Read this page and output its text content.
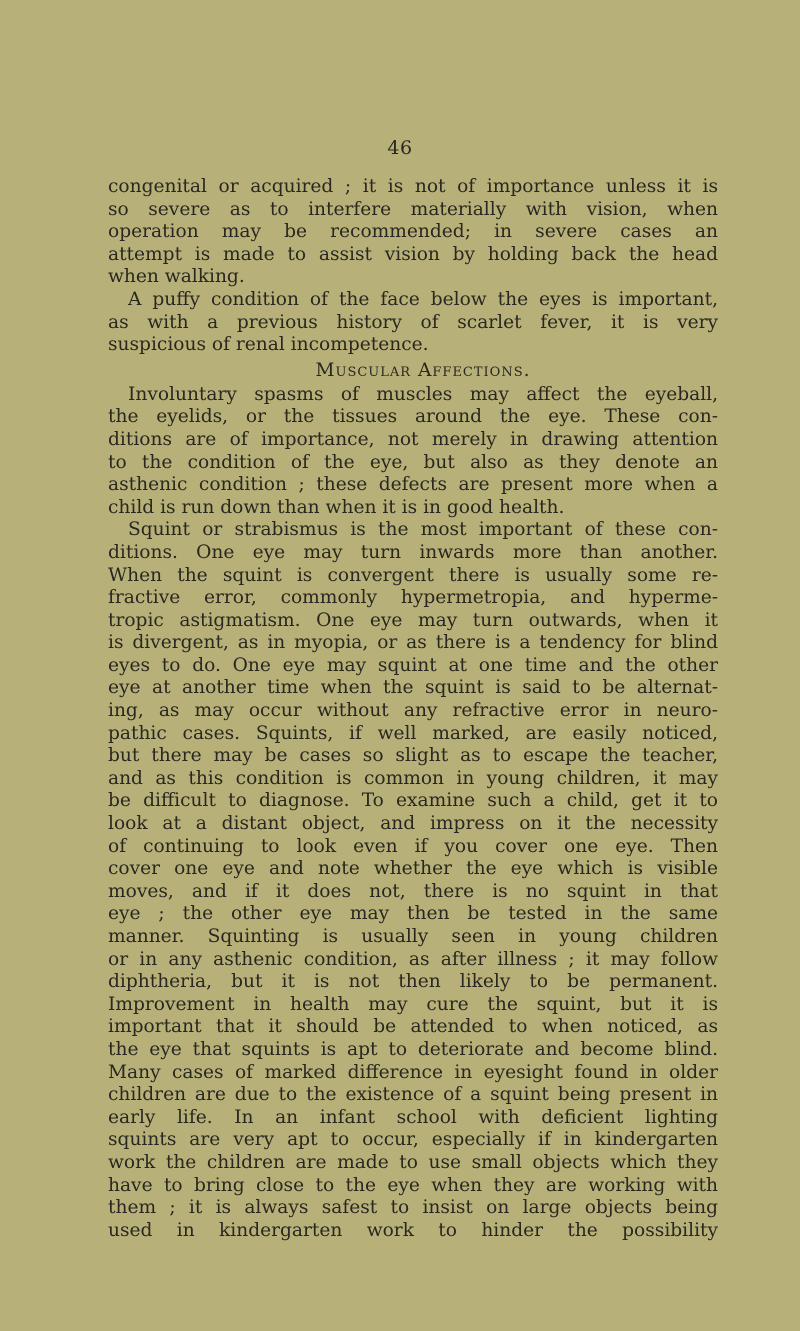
46
congenital or acquired ; it is not of importance unless it is
so severe as to interfere materially with vision, when
operation may be recommended; in severe cases an
attempt is made to assist vision by holding back the head
when walking.
A puffy condition of the face below the eyes is important,
as with a previous history of scarlet fever, it is very
suspicious of renal incompetence.
Muscular Affections.
Involuntary spasms of muscles may affect the eyeball,
the eyelids, or the tissues around the eye. These con-
ditions are of importance, not merely in drawing attention
to the condition of the eye, but also as they denote an
asthenic condition ; these defects are present more when a
child is run down than when it is in good health.
Squint or strabismus is the most important of these con-
ditions. One eye may turn inwards more than another.
When the squint is convergent there is usually some re-
fractive error, commonly hypermetropia, and hyperme-
tropic astigmatism. One eye may turn outwards, when it
is divergent, as in myopia, or as there is a tendency for blind
eyes to do. One eye may squint at one time and the other
eye at another time when the squint is said to be alternat-
ing, as may occur without any refractive error in neuro-
pathic cases. Squints, if well marked, are easily noticed,
but there may be cases so slight as to escape the teacher,
and as this condition is common in young children, it may
be difficult to diagnose. To examine such a child, get it to
look at a distant object, and impress on it the necessity
of continuing to look even if you cover one eye. Then
cover one eye and note whether the eye which is visible
moves, and if it does not, there is no squint in that
eye ; the other eye may then be tested in the same
manner. Squinting is usually seen in young children
or in any asthenic condition, as after illness ; it may follow
diphtheria, but it is not then likely to be permanent.
Improvement in health may cure the squint, but it is
important that it should be attended to when noticed, as
the eye that squints is apt to deteriorate and become blind.
Many cases of marked difference in eyesight found in older
children are due to the existence of a squint being present in
early life. In an infant school with deficient lighting
squints are very apt to occur, especially if in kindergarten
work the children are made to use small objects which they
have to bring close to the eye when they are working with
them ; it is always safest to insist on large objects being
used in kindergarten work to hinder the possibility
